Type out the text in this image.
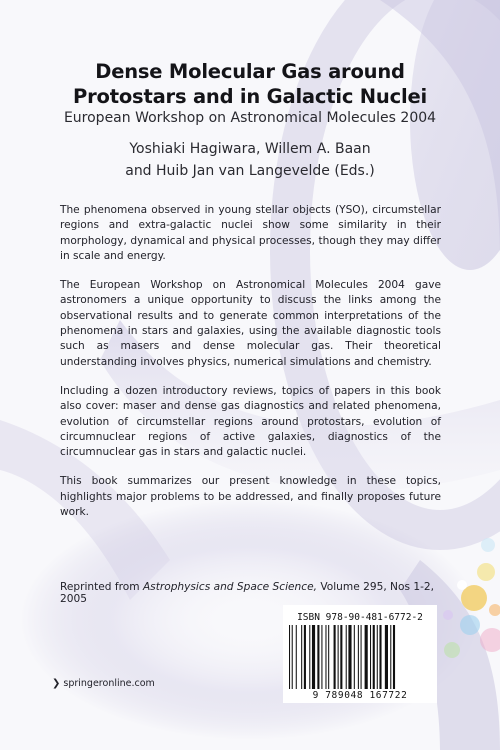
Dense Molecular Gas around
Protostars and in Galactic Nuclei
European Workshop on Astronomical Molecules 2004
Yoshiaki Hagiwara, Willem A. Baan
and Huib Jan van Langevelde (Eds.)

The phenomena observed in young stellar objects (YSO), circumstellar regions and extra-galactic nuclei show some similarity in their morphology, dynamical and physical processes, though they may differ in scale and energy.

The European Workshop on Astronomical Molecules 2004 gave astronomers a unique opportunity to discuss the links among the observational results and to generate common interpretations of the phenomena in stars and galaxies, using the available diagnostic tools such as masers and dense molecular gas. Their theoretical understanding involves physics, numerical simulations and chemistry.

Including a dozen introductory reviews, topics of papers in this book also cover: maser and dense gas diagnostics and related phenomena, evolution of circumstellar regions around protostars, evolution of circumnuclear regions of active galaxies, diagnostics of the circumnuclear gas in stars and galactic nuclei.

This book summarizes our present knowledge in these topics, highlights major problems to be addressed, and finally proposes future work.

Reprinted from Astrophysics and Space Science, Volume 295, Nos 1-2, 2005
ISBN 978-90-481-6772-2
9 789048 167722
❯ springeronline.com
